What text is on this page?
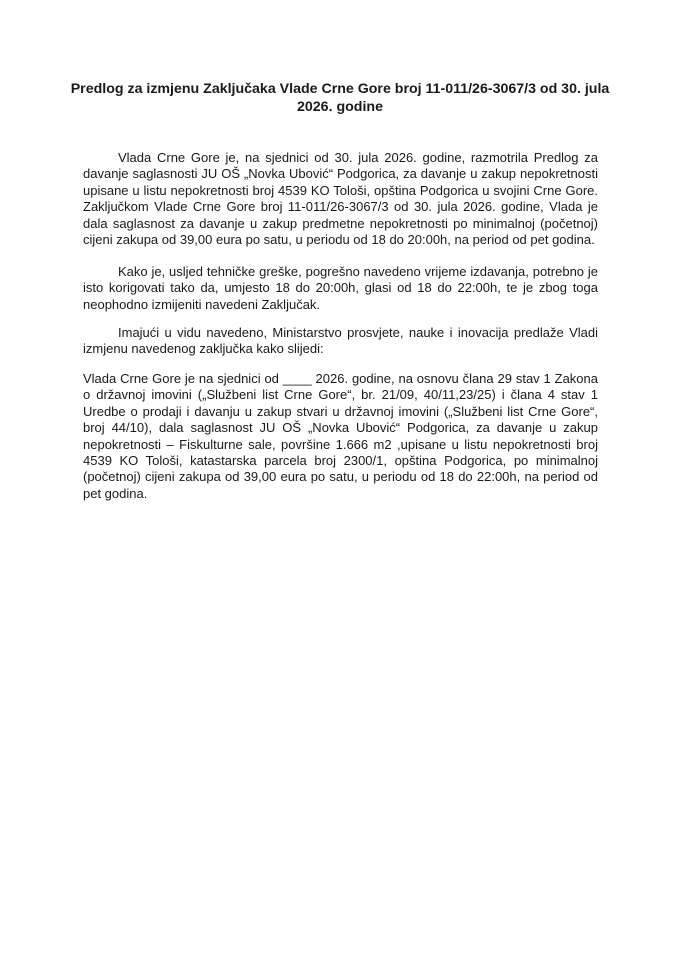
Predlog za izmjenu Zaključaka Vlade Crne Gore broj 11-011/26-3067/3 od 30. jula 2026. godine

Vlada Crne Gore je, na sjednici od 30. jula 2026. godine, razmotrila Predlog za davanje saglasnosti JU OŠ „Novka Ubović“ Podgorica, za davanje u zakup nepokretnosti upisane u listu nepokretnosti broj 4539 KO Tološi, opština Podgorica u svojini Crne Gore. Zaključkom Vlade Crne Gore broj 11-011/26-3067/3 od 30. jula 2026. godine, Vlada je dala saglasnost za davanje u zakup predmetne nepokretnosti po minimalnoj (početnoj) cijeni zakupa od 39,00 eura po satu, u periodu od 18 do 20:00h, na period od pet godina.

Kako je, uslјed tehničke greške, pogrešno navedeno vrijeme izdavanja, potrebno je isto korigovati tako da, umjesto 18 do 20:00h, glasi od 18 do 22:00h, te je zbog toga neophodno izmijeniti navedeni Zaključak.

Imajući u vidu navedeno, Ministarstvo prosvjete, nauke i inovacija predlaže Vladi izmjenu navedenog zaključka kako slijedi:

Vlada Crne Gore je na sjednici od ____ 2026. godine, na osnovu člana 29 stav 1 Zakona o državnoj imovini („Službeni list Crne Gore“, br. 21/09, 40/11,23/25) i člana 4 stav 1 Uredbe o prodaji i davanju u zakup stvari u državnoj imovini („Službeni list Crne Gore“, broj 44/10), dala saglasnost JU OŠ „Novka Ubović“ Podgorica, za davanje u zakup nepokretnosti – Fiskulturne sale, površine 1.666 m2 ,upisane u listu nepokretnosti broj 4539 KO Tološi, katastarska parcela broj 2300/1, opština Podgorica, po minimalnoj (početnoj) cijeni zakupa od 39,00 eura po satu, u periodu od 18 do 22:00h, na period od pet godina.
